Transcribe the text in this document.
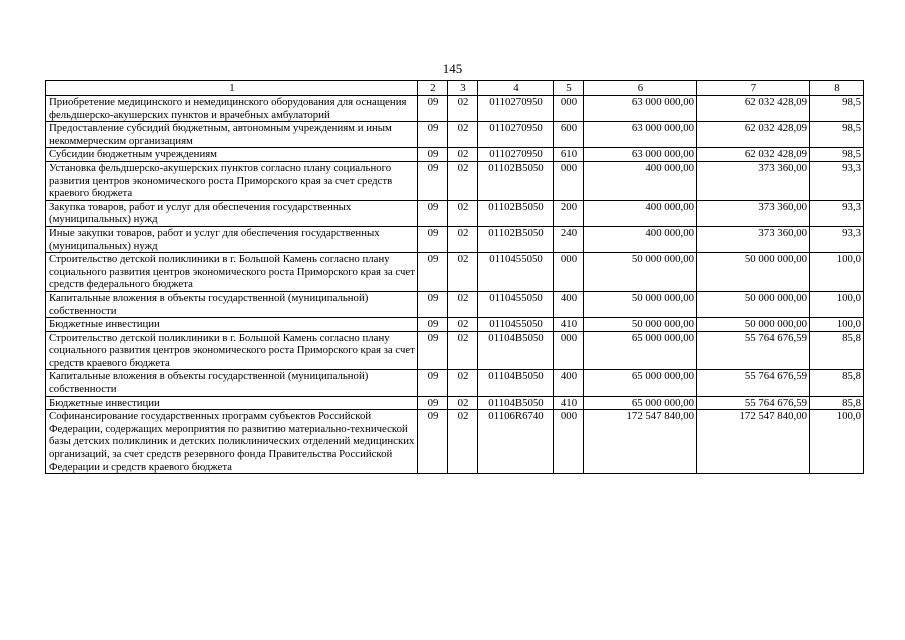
145
1	2	3	4	5	6	7	8
Приобретение медицинского и немедицинского оборудования для оснащения фельдшерско-акушерских пунктов и врачебных амбулаторий	09	02	0110270950	000	63 000 000,00	62 032 428,09	98,5
Предоставление субсидий бюджетным, автономным учреждениям и иным некоммерческим организациям	09	02	0110270950	600	63 000 000,00	62 032 428,09	98,5
Субсидии бюджетным учреждениям	09	02	0110270950	610	63 000 000,00	62 032 428,09	98,5
Установка фельдшерско-акушерских пунктов согласно плану социального развития центров экономического роста Приморского края за счет средств краевого бюджета	09	02	01102B5050	000	400 000,00	373 360,00	93,3
Закупка товаров, работ и услуг для обеспечения государственных (муниципальных) нужд	09	02	01102B5050	200	400 000,00	373 360,00	93,3
Иные закупки товаров, работ и услуг для обеспечения государственных (муниципальных) нужд	09	02	01102B5050	240	400 000,00	373 360,00	93,3
Строительство детской поликлиники в г. Большой Камень согласно плану социального развития центров экономического роста Приморского края за счет средств федерального бюджета	09	02	0110455050	000	50 000 000,00	50 000 000,00	100,0
Капитальные вложения в объекты государственной (муниципальной) собственности	09	02	0110455050	400	50 000 000,00	50 000 000,00	100,0
Бюджетные инвестиции	09	02	0110455050	410	50 000 000,00	50 000 000,00	100,0
Строительство детской поликлиники в г. Большой Камень согласно плану социального развития центров экономического роста Приморского края за счет средств краевого бюджета	09	02	01104B5050	000	65 000 000,00	55 764 676,59	85,8
Капитальные вложения в объекты государственной (муниципальной) собственности	09	02	01104B5050	400	65 000 000,00	55 764 676,59	85,8
Бюджетные инвестиции	09	02	01104B5050	410	65 000 000,00	55 764 676,59	85,8
Софинансирование государственных программ субъектов Российской Федерации, содержащих мероприятия по развитию материально-технической базы детских поликлиник и детских поликлинических отделений медицинских организаций, за счет средств резервного фонда Правительства Российской Федерации и средств краевого бюджета	09	02	01106R6740	000	172 547 840,00	172 547 840,00	100,0
